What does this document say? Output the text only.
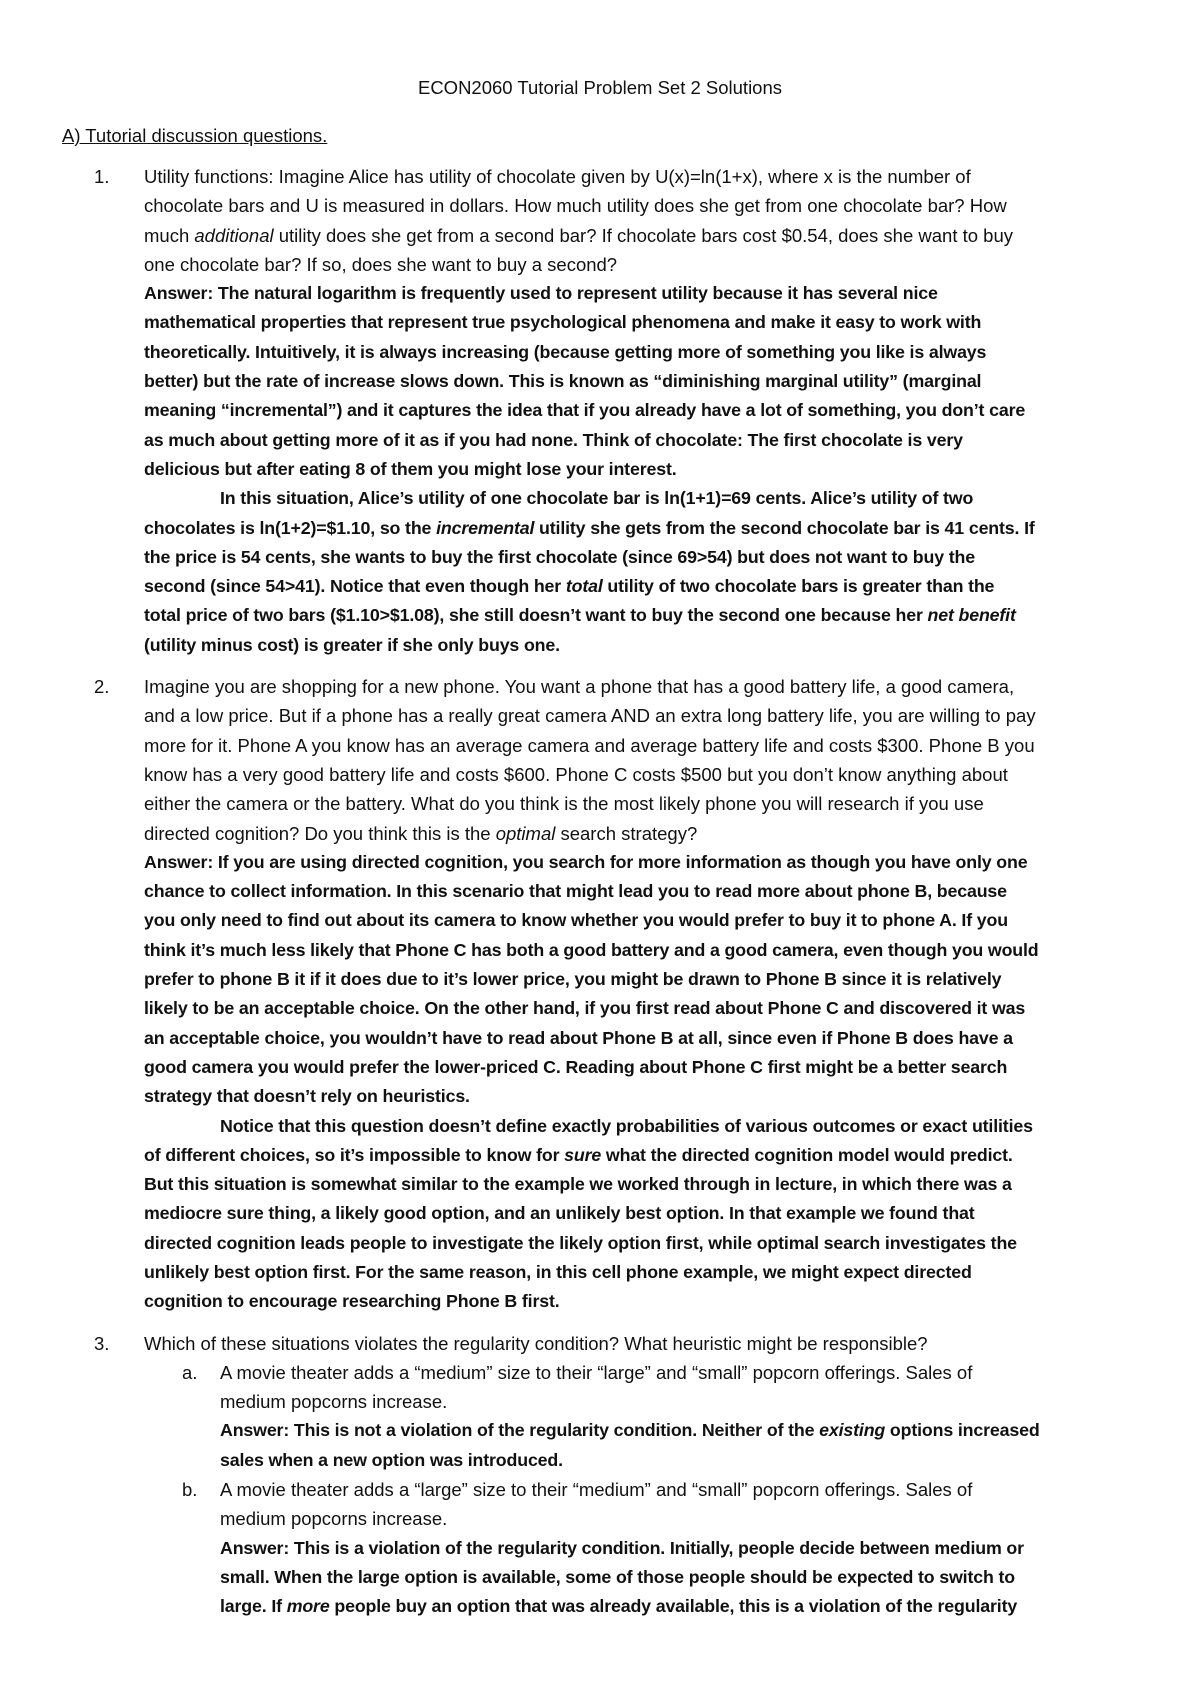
ECON2060 Tutorial Problem Set 2 Solutions
A) Tutorial discussion questions.
1. Utility functions: Imagine Alice has utility of chocolate given by U(x)=ln(1+x), where x is the number of
chocolate bars and U is measured in dollars. How much utility does she get from one chocolate bar? How
much additional utility does she get from a second bar? If chocolate bars cost $0.54, does she want to buy
one chocolate bar? If so, does she want to buy a second?
Answer: The natural logarithm is frequently used to represent utility because it has several nice
mathematical properties that represent true psychological phenomena and make it easy to work with
theoretically. Intuitively, it is always increasing (because getting more of something you like is always
better) but the rate of increase slows down. This is known as “diminishing marginal utility” (marginal
meaning “incremental”) and it captures the idea that if you already have a lot of something, you don’t care
as much about getting more of it as if you had none. Think of chocolate: The first chocolate is very
delicious but after eating 8 of them you might lose your interest.
In this situation, Alice’s utility of one chocolate bar is ln(1+1)=69 cents. Alice’s utility of two
chocolates is ln(1+2)=$1.10, so the incremental utility she gets from the second chocolate bar is 41 cents. If
the price is 54 cents, she wants to buy the first chocolate (since 69>54) but does not want to buy the
second (since 54>41). Notice that even though her total utility of two chocolate bars is greater than the
total price of two bars ($1.10>$1.08), she still doesn’t want to buy the second one because her net benefit
(utility minus cost) is greater if she only buys one.
2. Imagine you are shopping for a new phone. You want a phone that has a good battery life, a good camera,
and a low price. But if a phone has a really great camera AND an extra long battery life, you are willing to pay
more for it. Phone A you know has an average camera and average battery life and costs $300. Phone B you
know has a very good battery life and costs $600. Phone C costs $500 but you don’t know anything about
either the camera or the battery. What do you think is the most likely phone you will research if you use
directed cognition? Do you think this is the optimal search strategy?
Answer: If you are using directed cognition, you search for more information as though you have only one
chance to collect information. In this scenario that might lead you to read more about phone B, because
you only need to find out about its camera to know whether you would prefer to buy it to phone A. If you
think it’s much less likely that Phone C has both a good battery and a good camera, even though you would
prefer to phone B it if it does due to it’s lower price, you might be drawn to Phone B since it is relatively
likely to be an acceptable choice. On the other hand, if you first read about Phone C and discovered it was
an acceptable choice, you wouldn’t have to read about Phone B at all, since even if Phone B does have a
good camera you would prefer the lower-priced C. Reading about Phone C first might be a better search
strategy that doesn’t rely on heuristics.
Notice that this question doesn’t define exactly probabilities of various outcomes or exact utilities
of different choices, so it’s impossible to know for sure what the directed cognition model would predict.
But this situation is somewhat similar to the example we worked through in lecture, in which there was a
mediocre sure thing, a likely good option, and an unlikely best option. In that example we found that
directed cognition leads people to investigate the likely option first, while optimal search investigates the
unlikely best option first. For the same reason, in this cell phone example, we might expect directed
cognition to encourage researching Phone B first.
3. Which of these situations violates the regularity condition? What heuristic might be responsible?
a. A movie theater adds a “medium” size to their “large” and “small” popcorn offerings. Sales of
medium popcorns increase.
Answer: This is not a violation of the regularity condition. Neither of the existing options increased
sales when a new option was introduced.
b. A movie theater adds a “large” size to their “medium” and “small” popcorn offerings. Sales of
medium popcorns increase.
Answer: This is a violation of the regularity condition. Initially, people decide between medium or
small. When the large option is available, some of those people should be expected to switch to
large. If more people buy an option that was already available, this is a violation of the regularity
